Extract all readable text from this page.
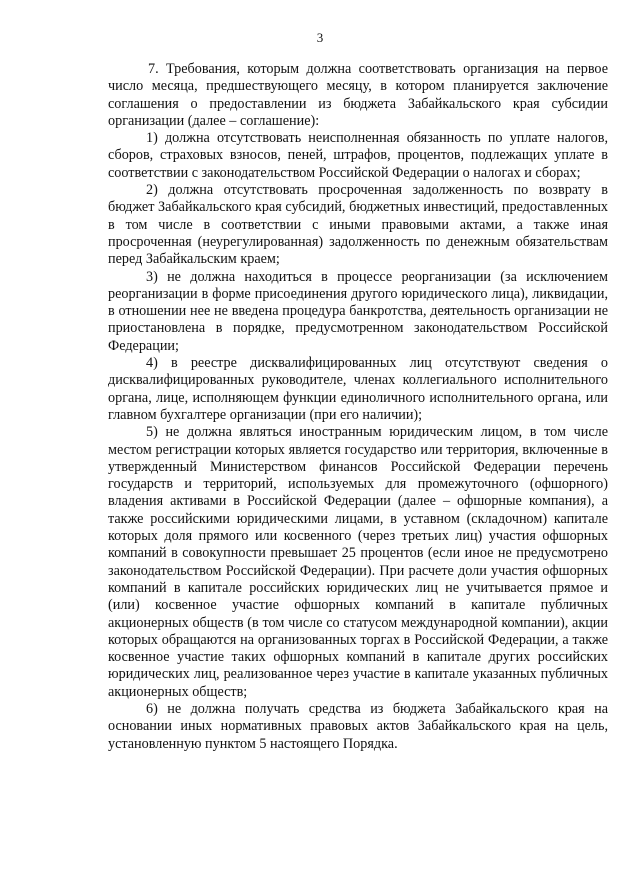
3

7. Требования, которым должна соответствовать организация на первое число месяца, предшествующего месяцу, в котором планируется заключение соглашения о предоставлении из бюджета Забайкальского края субсидии организации (далее – соглашение):

1) должна отсутствовать неисполненная обязанность по уплате налогов, сборов, страховых взносов, пеней, штрафов, процентов, подлежащих уплате в соответствии с законодательством Российской Федерации о налогах и сборах;

2) должна отсутствовать просроченная задолженность по возврату в бюджет Забайкальского края субсидий, бюджетных инвестиций, предоставленных в том числе в соответствии с иными правовыми актами, а также иная просроченная (неурегулированная) задолженность по денежным обязательствам перед Забайкальским краем;

3) не должна находиться в процессе реорганизации (за исключением реорганизации в форме присоединения другого юридического лица), ликвидации, в отношении нее не введена процедура банкротства, деятельность организации не приостановлена в порядке, предусмотренном законодательством Российской Федерации;

4) в реестре дисквалифицированных лиц отсутствуют сведения о дисквалифицированных руководителе, членах коллегиального исполнительного органа, лице, исполняющем функции единоличного исполнительного органа, или главном бухгалтере организации (при его наличии);

5) не должна являться иностранным юридическим лицом, в том числе местом регистрации которых является государство или территория, включенные в утвержденный Министерством финансов Российской Федерации перечень государств и территорий, используемых для промежуточного (офшорного) владения активами в Российской Федерации (далее – офшорные компания), а также российскими юридическими лицами, в уставном (складочном) капитале которых доля прямого или косвенного (через третьих лиц) участия офшорных компаний в совокупности превышает 25 процентов (если иное не предусмотрено законодательством Российской Федерации). При расчете доли участия офшорных компаний в капитале российских юридических лиц не учитывается прямое и (или) косвенное участие офшорных компаний в капитале публичных акционерных обществ (в том числе со статусом международной компании), акции которых обращаются на организованных торгах в Российской Федерации, а также косвенное участие таких офшорных компаний в капитале других российских юридических лиц, реализованное через участие в капитале указанных публичных акционерных обществ;

6) не должна получать средства из бюджета Забайкальского края на основании иных нормативных правовых актов Забайкальского края на цель, установленную пунктом 5 настоящего Порядка.
